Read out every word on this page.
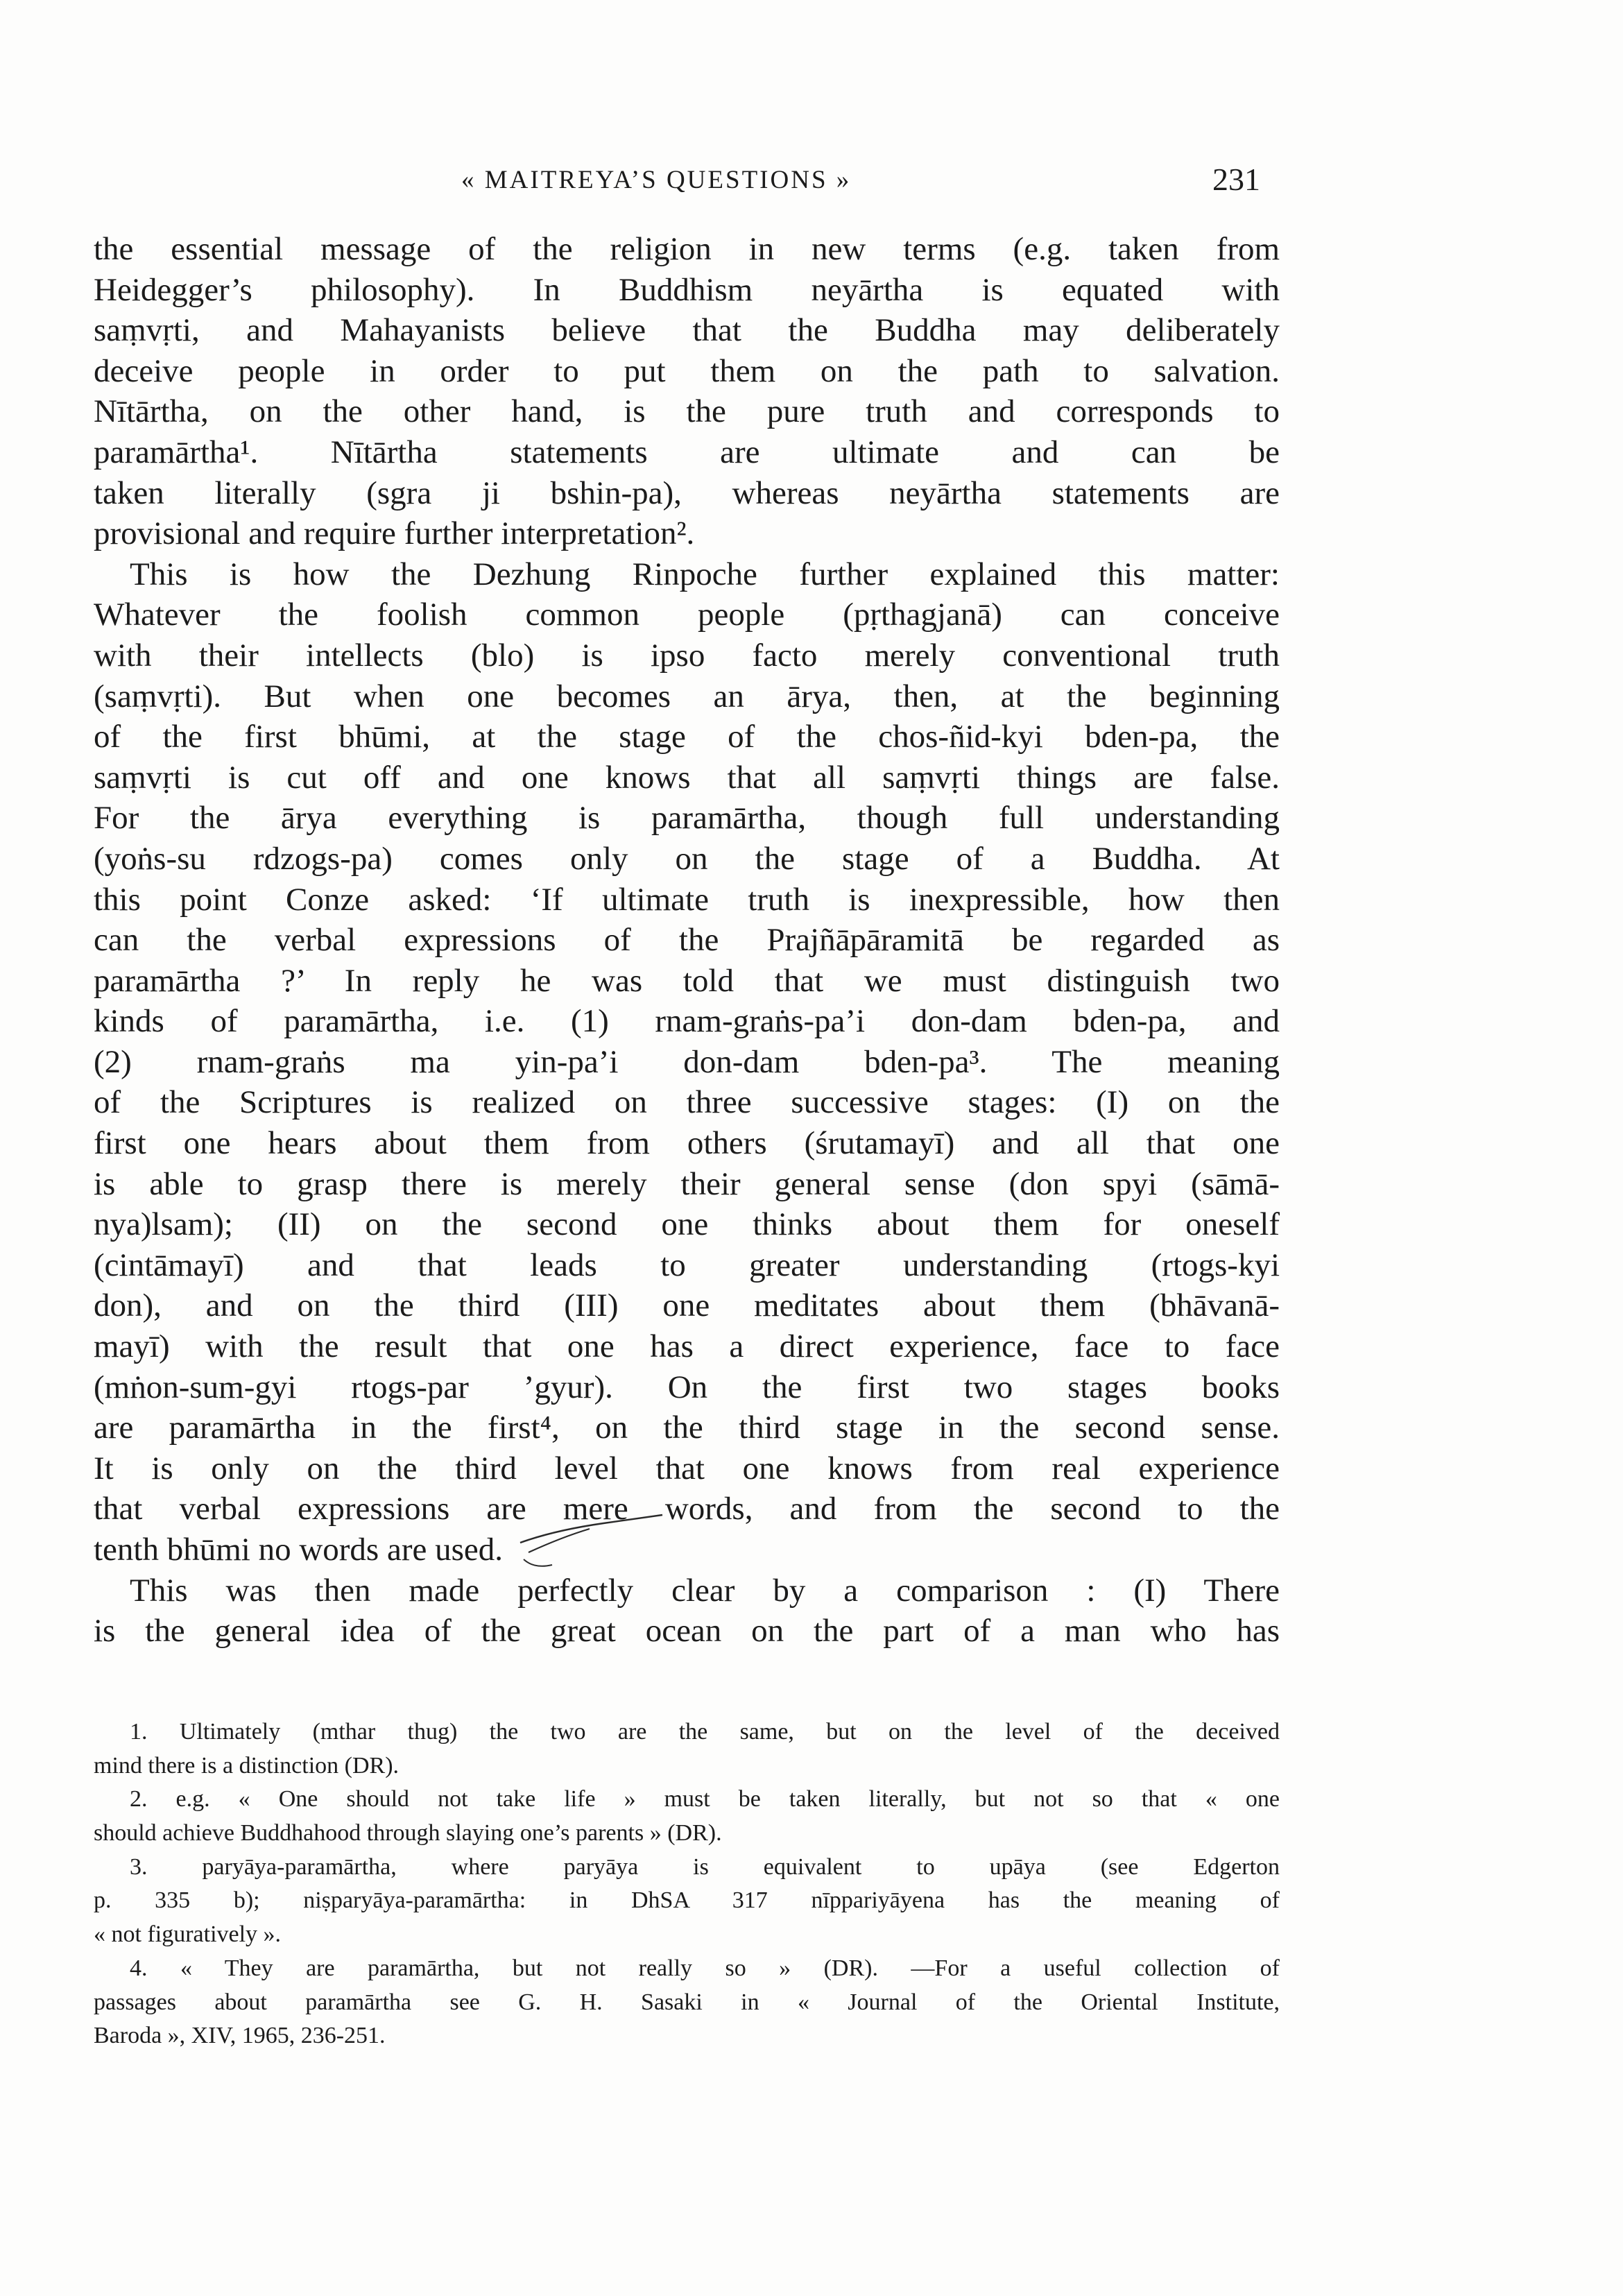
« MAITREYA’S QUESTIONS »	231
the essential message of the religion in new terms (e.g. taken from
Heidegger’s philosophy). In Buddhism neyārtha is equated with
saṃvṛti, and Mahayanists believe that the Buddha may deliberately
deceive people in order to put them on the path to salvation.
Nītārtha, on the other hand, is the pure truth and corresponds to
paramārtha¹. Nītārtha statements are ultimate and can be
taken literally (sgra ji bshin-pa), whereas neyārtha statements are
provisional and require further interpretation².
This is how the Dezhung Rinpoche further explained this matter:
Whatever the foolish common people (pṛthagjanā) can conceive
with their intellects (blo) is ipso facto merely conventional truth
(saṃvṛti). But when one becomes an ārya, then, at the beginning
of the first bhūmi, at the stage of the chos-ñid-kyi bden-pa, the
saṃvṛti is cut off and one knows that all saṃvṛti things are false.
For the ārya everything is paramārtha, though full understanding
(yoṅs-su rdzogs-pa) comes only on the stage of a Buddha. At
this point Conze asked: ‘If ultimate truth is inexpressible, how then
can the verbal expressions of the Prajñāpāramitā be regarded as
paramārtha ?’ In reply he was told that we must distinguish two
kinds of paramārtha, i.e. (1) rnam-graṅs-pa’i don-dam bden-pa, and
(2) rnam-graṅs ma yin-pa’i don-dam bden-pa³. The meaning
of the Scriptures is realized on three successive stages: (I) on the
first one hears about them from others (śrutamayī) and all that one
is able to grasp there is merely their general sense (don spyi (sāmā-
nya)lsam); (II) on the second one thinks about them for oneself
(cintāmayī) and that leads to greater understanding (rtogs-kyi
don), and on the third (III) one meditates about them (bhāvanā-
mayī) with the result that one has a direct experience, face to face
(mṅon-sum-gyi rtogs-par ’gyur). On the first two stages books
are paramārtha in the first⁴, on the third stage in the second sense.
It is only on the third level that one knows from real experience
that verbal expressions are mere words, and from the second to the
tenth bhūmi no words are used.
This was then made perfectly clear by a comparison : (I) There
is the general idea of the great ocean on the part of a man who has
1. Ultimately (mthar thug) the two are the same, but on the level of the deceived
mind there is a distinction (DR).
2. e.g. « One should not take life » must be taken literally, but not so that « one
should achieve Buddhahood through slaying one’s parents » (DR).
3. paryāya-paramārtha, where paryāya is equivalent to upāya (see Edgerton
p. 335 b); niṣparyāya-paramārtha: in DhSA 317 nīppariyāyena has the meaning of
« not figuratively ».
4. « They are paramārtha, but not really so » (DR). —For a useful collection of
passages about paramārtha see G. H. Sasaki in « Journal of the Oriental Institute,
Baroda », XIV, 1965, 236-251.
